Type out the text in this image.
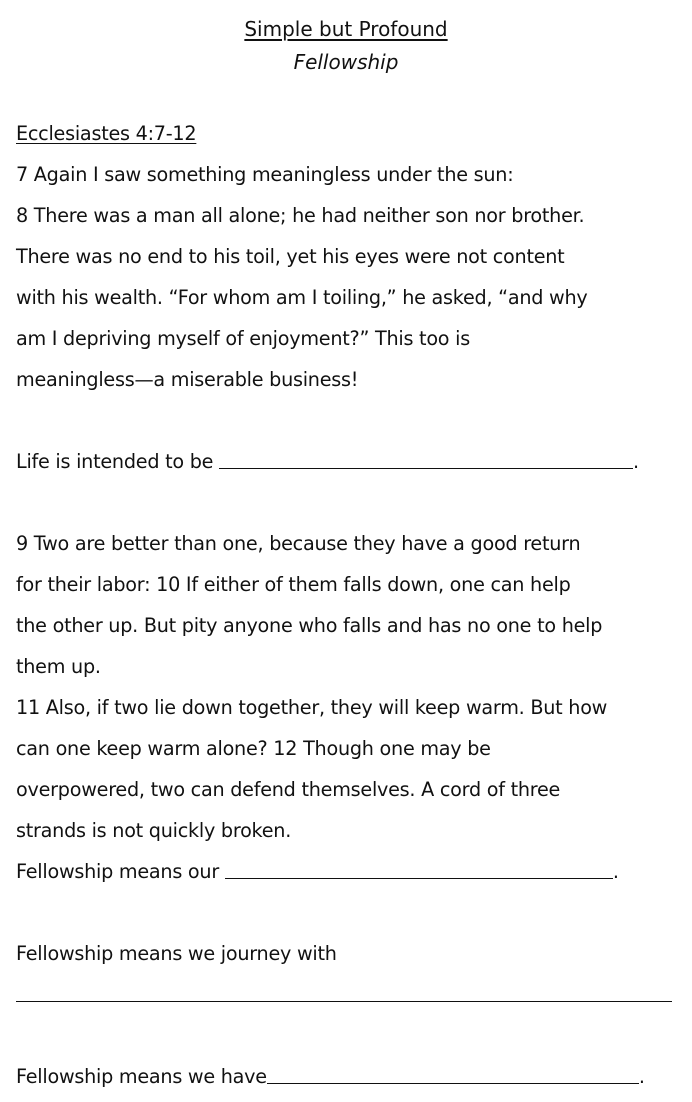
Simple but Profound
Fellowship
Ecclesiastes 4:7-12
7 Again I saw something meaningless under the sun:
8 There was a man all alone; he had neither son nor brother.
There was no end to his toil, yet his eyes were not content
with his wealth. “For whom am I toiling,” he asked, “and why
am I depriving myself of enjoyment?” This too is
meaningless—a miserable business!
Life is intended to be	.
9 Two are better than one, because they have a good return
for their labor: 10 If either of them falls down, one can help
the other up. But pity anyone who falls and has no one to help
them up.
11 Also, if two lie down together, they will keep warm. But how
can one keep warm alone? 12 Though one may be
overpowered, two can defend themselves. A cord of three
strands is not quickly broken.
Fellowship means our	.
Fellowship means we journey with
Fellowship means we have	.
